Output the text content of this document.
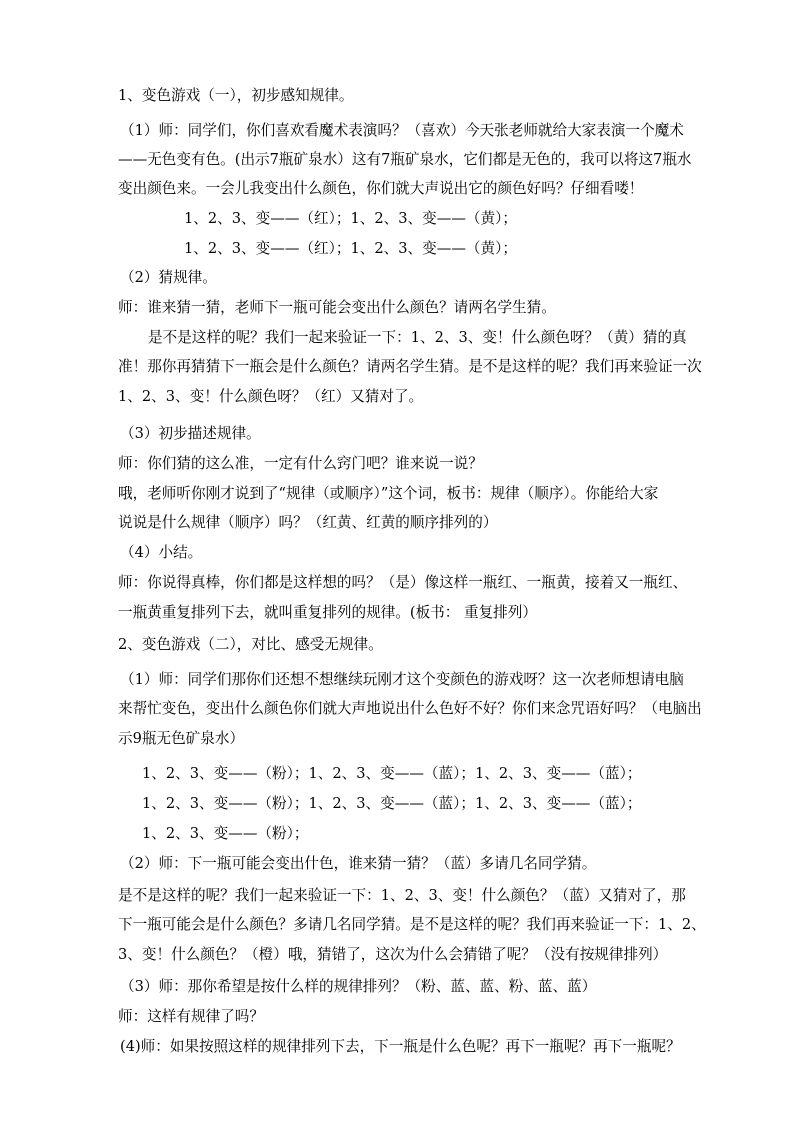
1、变色游戏（一），初步感知规律。

（1）师：同学们，你们喜欢看魔术表演吗？（喜欢）今天张老师就给大家表演一个魔术

——无色变有色。(出示7瓶矿泉水）这有7瓶矿泉水，它们都是无色的，我可以将这7瓶水

变出颜色来。一会儿我变出什么颜色，你们就大声说出它的颜色好吗？仔细看喽！

1、2、3、变——（红）；1、2、3、变——（黄）；

1、2、3、变——（红）；1、2、3、变——（黄）；

（2）猜规律。

师：谁来猜一猜，老师下一瓶可能会变出什么颜色？请两名学生猜。

是不是这样的呢？我们一起来验证一下：1、2、3、变！什么颜色呀？（黄）猜的真

准！那你再猜猜下一瓶会是什么颜色？请两名学生猜。是不是这样的呢？我们再来验证一次

1、2、3、变！什么颜色呀？（红）又猜对了。

（3）初步描述规律。

师：你们猜的这么准，一定有什么窍门吧？谁来说一说？

哦，老师听你刚才说到了“规律（或顺序）”这个词，板书：规律（顺序）。你能给大家

说说是什么规律（顺序）吗？（红黄、红黄的顺序排列的）

（4）小结。

师：你说得真棒，你们都是这样想的吗？（是）像这样一瓶红、一瓶黄，接着又一瓶红、

一瓶黄重复排列下去，就叫重复排列的规律。(板书： 重复排列）

2、变色游戏（二），对比、感受无规律。

（1）师：同学们那你们还想不想继续玩刚才这个变颜色的游戏呀？这一次老师想请电脑

来帮忙变色，变出什么颜色你们就大声地说出什么色好不好？你们来念咒语好吗？（电脑出

示9瓶无色矿泉水）

1、2、3、变——（粉）；1、2、3、变——（蓝）；1、2、3、变——（蓝）；

1、2、3、变——（粉）；1、2、3、变——（蓝）；1、2、3、变——（蓝）；

1、2、3、变——（粉）；

（2）师：下一瓶可能会变出什色，谁来猜一猜？（蓝）多请几名同学猜。

是不是这样的呢？我们一起来验证一下：1、2、3、变！什么颜色？（蓝）又猜对了，那

下一瓶可能会是什么颜色？多请几名同学猜。是不是这样的呢？我们再来验证一下：1、2、

3、变！什么颜色？（橙）哦，猜错了，这次为什么会猜错了呢？（没有按规律排列）

（3）师：那你希望是按什么样的规律排列？（粉、蓝、蓝、粉、蓝、蓝）

师：这样有规律了吗？

(4)师：如果按照这样的规律排列下去，下一瓶是什么色呢？再下一瓶呢？再下一瓶呢？
